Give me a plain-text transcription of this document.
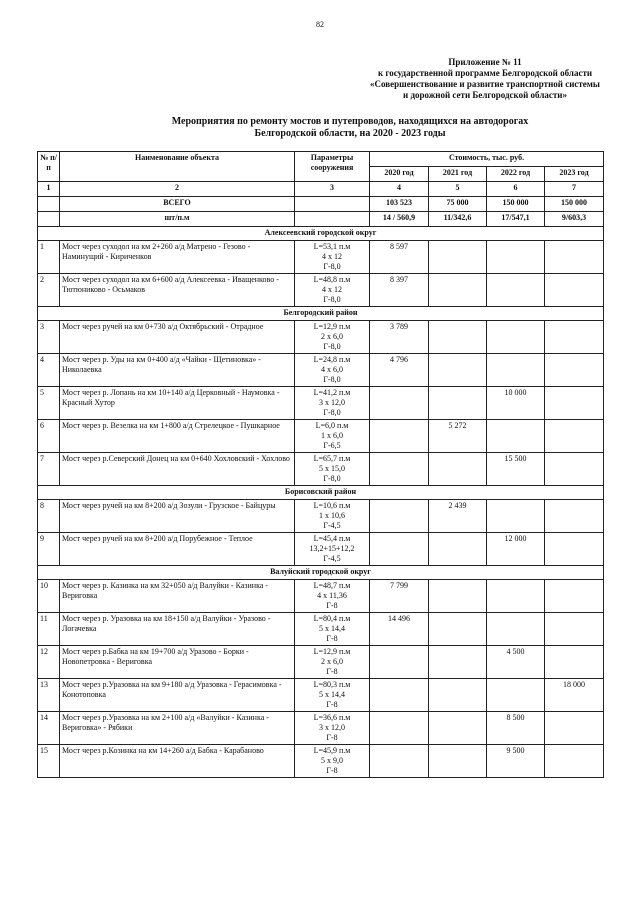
82
Приложение № 11
к государственной программе Белгородской области
«Совершенствование и развитие транспортной системы
и дорожной сети Белгородской области»
Мероприятия по ремонту мостов и путепроводов, находящихся на автодорогах
Белгородской области, на 2020 - 2023 годы
№ п/п	Наименование объекта	Параметры сооружения	Стоимость, тыс. руб.			
			2020 год	2021 год	2022 год	2023 год
1	2	3	4	5	6	7
	ВСЕГО		103 523	75 000	150 000	150 000
	шт/п.м		14 / 560,9	11/342,6	17/547,1	9/603,3
Алексеевский городской округ						
1	Мост через суходол на км 2+260 а/д Матрено - Гезово - Наминущий - Кириченков	L=53,1 п.м
4 х 12
Г-8,0	8 597			
2	Мост через суходол на км 6+600 а/д Алексеевка - Иващенково - Тютюниково - Осьмаков	L=48,8 п.м
4 х 12
Г-8,0	8 397			
Белгородский район						
3	Мост через ручей на км 0+730 а/д Октябрьский - Отрадное	L=12,9 п.м
2 х 6,0
Г-8,0	3 789			
4	Мост через р. Уды на км 0+400 а/д «Чайки - Щетиновка» - Николаевка	L=24,8 п.м
4 х 6,0
Г-8,0	4 796			
5	Мост через р. Лопань на км 10+140 а/д Церковный - Наумовка - Красный Хутор	L=41,2 п.м
3 х 12,0
Г-8,0			10 000	
6	Мост через р. Везелка на км 1+800 а/д Стрелецкое - Пушкарное	L=6,0 п.м
1 х 6,0
Г-6,5		5 272		
7	Мост через р.Северский Донец на км 0+640 Хохловский - Хохлово	L=65,7 п.м
5 х 15,0
Г-8,0			15 500	
Борисовский район						
8	Мост через ручей на км 8+200 а/д Зозули - Грузское - Байцуры	L=10,6 п.м
1 х 10,6
Г-4,5		2 439		
9	Мост через ручей на км 8+200 а/д Порубежное - Теплое	L=45,4 п.м
13,2+15+12,2
Г-4,5			12 000	
Валуйский городской округ						
10	Мост через р. Казинка на км 32+050 а/д Валуйки - Казинка - Вериговка	L=48,7 п.м
4 х 11,36
Г-8	7 799			
11	Мост через р. Уразовка на км 18+150 а/д Валуйки - Уразово - Логачевка	L=80,4 п.м
5 х 14,4
Г-8	14 496			
12	Мост через р.Бабка на км 19+700 а/д Уразово - Борки - Новопетровка - Вериговка	L=12,9 п.м
2 х 6,0
Г-8			4 500	
13	Мост через р.Уразовка на км 9+180 а/д Уразовка - Герасимовка - Конотоповка	L=80,3 п.м
5 х 14,4
Г-8				18 000
14	Мост через р.Уразовка на км 2+100 а/д «Валуйки - Казинка - Вериговка» - Рябики	L=36,6 п.м
3 х 12,0
Г-8			8 500	
15	Мост через р.Козинка на км 14+260 а/д Бабка - Карабаново	L=45,9 п.м
5 х 9,0
Г-8			9 500	
